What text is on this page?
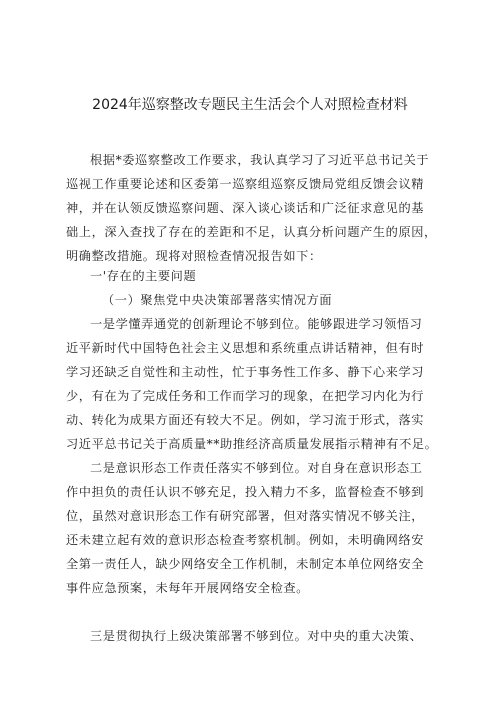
2024年巡察整改专题民主生活会个人对照检查材料
根据*委巡察整改工作要求，我认真学习了习近平总书记关于
巡视工作重要论述和区委第一巡察组巡察反馈局党组反馈会议精
神，并在认领反馈巡察问题、深入谈心谈话和广泛征求意见的基
础上，深入查找了存在的差距和不足，认真分析问题产生的原因，
明确整改措施。现将对照检查情况报告如下：
一'存在的主要问题
（一）聚焦党中央决策部署落实情况方面
一是学懂弄通党的创新理论不够到位。能够跟进学习领悟习
近平新时代中国特色社会主义思想和系统重点讲话精神，但有时
学习还缺乏自觉性和主动性，忙于事务性工作多、静下心来学习
少，有在为了完成任务和工作而学习的现象，在把学习内化为行
动、转化为成果方面还有较大不足。例如，学习流于形式，落实
习近平总书记关于高质量**助推经济高质量发展指示精神有不足。
二是意识形态工作责任落实不够到位。对自身在意识形态工
作中担负的责任认识不够充足，投入精力不多，监督检查不够到
位，虽然对意识形态工作有研究部署，但对落实情况不够关注，
还未建立起有效的意识形态检查考察机制。例如，未明确网络安
全第一责任人，缺少网络安全工作机制，未制定本单位网络安全
事件应急预案，未每年开展网络安全检查。
三是贯彻执行上级决策部署不够到位。对中央的重大决策、
